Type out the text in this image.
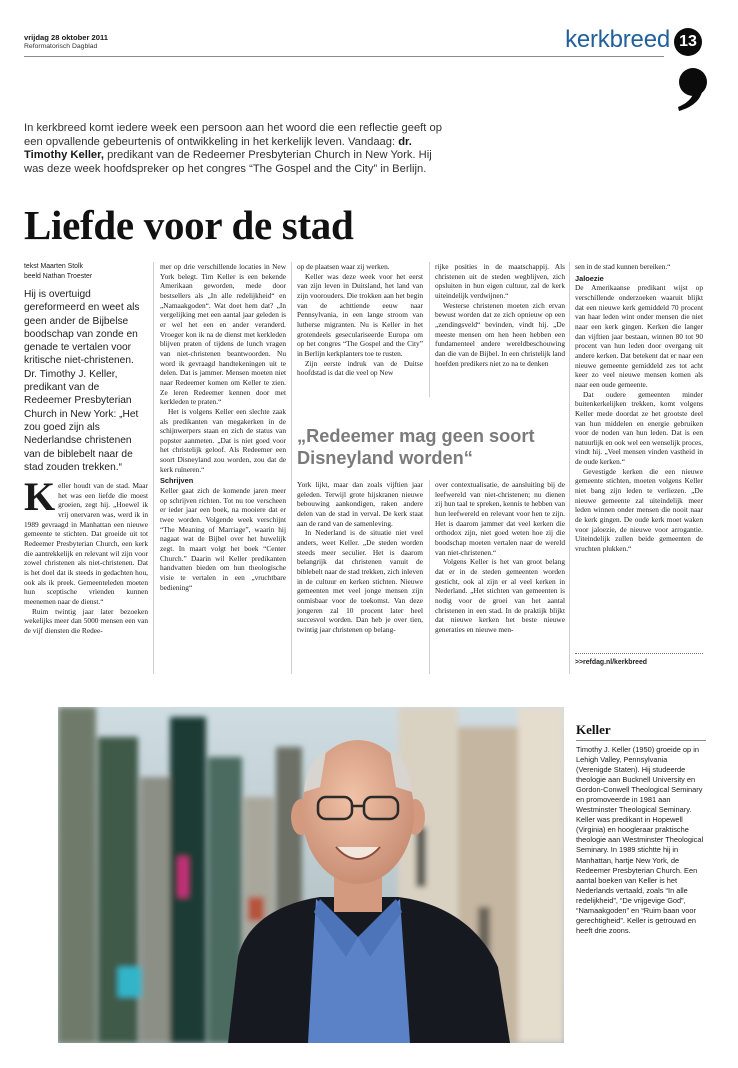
vrijdag 28 oktober 2011
Reformatorisch Dagblad	kerkbreed 13
In kerkbreed komt iedere week een persoon aan het woord die een reflectie geeft op een opvallende gebeurtenis of ontwikkeling in het kerkelijk leven. Vandaag: dr. Timothy Keller, predikant van de Redeemer Presbyterian Church in New York. Hij was deze week hoofdspreker op het congres “The Gospel and the City” in Berlijn.
Liefde voor de stad
tekst Maarten Stolk
beeld Nathan Troester
Hij is overtuigd gereformeerd en weet als geen ander de Bijbelse boodschap van zonde en genade te vertalen voor kritische niet-christenen. Dr. Timothy J. Keller, predikant van de Redeemer Presbyterian Church in New York: „Het zou goed zijn als Nederlandse christenen van de biblebelt naar de stad zouden trekken.“

Keller houdt van de stad. Maar het was een liefde die moest groeien, zegt hij. „Hoewel ik vrij onervaren was, werd ik in 1989 gevraagd in Manhattan een nieuwe gemeente te stichten. Dat groeide uit tot Redeemer Presbyterian Church, een kerk die aantrekkelijk en relevant wil zijn voor zowel christenen als niet-christenen. Dat is het doel dat ik steeds in gedachten hou, ook als ik preek. Gemeenteleden moeten hun sceptische vrienden kunnen meenemen naar de dienst.“

Ruim twintig jaar later bezoeken wekelijks meer dan 5000 mensen een van de vijf diensten die Redee-

mer op drie verschillende locaties in New York belegt. Tim Keller is een bekende Amerikaan geworden, mede door bestsellers als „In alle redelijkheid“ en „Namaakgoden“. Wat doet hem dat? „In vergelijking met een aantal jaar geleden is er wel het een en ander veranderd. Vroeger kon ik na de dienst met kerkleden blijven praten of tijdens de lunch vragen van niet-christenen beantwoorden. Nu word ik gevraagd handtekeningen uit te delen. Dat is jammer. Mensen moeten niet naar Redeemer komen om Keller te zien. Ze leren Redeemer kennen door met kerkleden te praten.“

Het is volgens Keller een slechte zaak als predikanten van megakerken in de schijnwerpers staan en zich de status van popster aanmeten. „Dat is niet goed voor het christelijk geloof. Als Redeemer een soort Disneyland zou worden, zou dat de kerk ruïneren.“

Schrijven

Keller gaat zich de komende jaren meer op schrijven richten. Tot nu toe verscheen er ieder jaar een boek, na mooiere dat er twee worden. Volgende week verschijnt “The Meaning of Marriage”, waarin hij nagaat wat de Bijbel over het huwelijk zegt. In maart volgt het boek “Center Church.” Daarin wil Keller predikanten handvatten bieden om hun theologische visie te vertalen in een „vruchtbare bediening“

op de plaatsen waar zij werken.

Keller was deze week voor het eerst van zijn leven in Duitsland, het land van zijn voorouders. Die trokken aan het begin van de achttiende eeuw naar Pennsylvania, in een lange stroom van lutherse migranten. Nu is Keller in het grotendeels geseculariseerde Europa om op het congres “The Gospel and the City” in Berlijn kerkplanters toe te rusten.

Zijn eerste indruk van de Duitse hoofdstad is dat die veel op New

rijke posities in de maatschappij. Als christenen uit de steden wegblijven, zich opsluiten in hun eigen cultuur, zal de kerk uiteindelijk verdwijnen.“

Westerse christenen moeten zich ervan bewust worden dat ze zich opnieuw op een „zendingsveld“ bevinden, vindt hij. „De meeste mensen om hen heen hebben een fundamenteel andere wereldbeschouwing dan die van de Bijbel. In een christelijk land hoefden predikers niet zo na te denken

„Redeemer mag geen soort Disneyland worden“

York lijkt, maar dan zoals vijftien jaar geleden. Terwijl grote hijskranen nieuwe bebouwing aankondigen, raken andere delen van de stad in verval. De kerk staat aan de rand van de samenleving.

In Nederland is de situatie niet veel anders, weet Keller. „De steden worden steeds meer seculier. Het is daarom belangrijk dat christenen vanuit de biblebelt naar de stad trekken, zich inleven in de cultuur en kerken stichten. Nieuwe gemeenten met veel jonge mensen zijn onmisbaar voor de toekomst. Van deze jongeren zal 10 procent later heel succesvol worden. Dan heb je over tien, twintig jaar christenen op belang-

over contextualisatie, de aansluiting bij de leefwereld van niet-christenen; nu dienen zij hun taal te spreken, kennis te hebben van hun leefwereld en relevant voor hen te zijn. Het is daarom jammer dat veel kerken die orthodox zijn, niet goed weten hoe zij die boodschap moeten vertalen naar de wereld van niet-christenen.“

Volgens Keller is het van groot belang dat er in de steden gemeenten worden gesticht, ook al zijn er al veel kerken in Nederland. „Het stichten van gemeenten is nodig voor de groei van het aantal christenen in een stad. In de praktijk blijkt dat nieuwe kerken het beste nieuwe generaties en nieuwe men-

sen in de stad kunnen bereiken.“

Jaloezie

De Amerikaanse predikant wijst op verschillende onderzoeken waaruit blijkt dat een nieuwe kerk gemiddeld 70 procent van haar leden wint onder mensen die niet naar een kerk gingen. Kerken die langer dan vijftien jaar bestaan, winnen 80 tot 90 procent van hun leden door overgang uit andere kerken. Dat betekent dat er naar een nieuwe gemeente gemiddeld zes tot acht keer zo veel nieuwe mensen komen als naar een oude gemeente.

Dat oudere gemeenten minder buitenkerkelijken trekken, komt volgens Keller mede doordat ze het grootste deel van hun middelen en energie gebruiken voor de noden van hun leden. Dat is een natuurlijk en ook wel een wenselijk proces, vindt hij. „Veel mensen vinden vastheid in de oude kerken.“

Gevestigde kerken die een nieuwe gemeente stichten, moeten volgens Keller niet bang zijn leden te verliezen. „De nieuwe gemeente zal uiteindelijk meer leden winnen onder mensen die nooit naar de kerk gingen. De oude kerk moet waken voor jaloezie, de nieuwe voor arrogantie. Uiteindelijk zullen beide gemeenten de vruchten plukken.“

>>refdag.nl/kerkbreed
Keller
Timothy J. Keller (1950) groeide op in Lehigh Valley, Pennsylvania (Verenigde Staten). Hij studeerde theologie aan Bucknell University en Gordon-Conwell Theological Seminary en promoveerde in 1981 aan Westminster Theological Seminary. Keller was predikant in Hopewell (Virginia) en hoogleraar praktische theologie aan Westminster Theological Seminary. In 1989 stichtte hij in Manhattan, hartje New York, de Redeemer Presbyterian Church. Een aantal boeken van Keller is het Nederlands vertaald, zoals “In alle redelijkheid”, “De vrijgevige God”, “Namaakgoden” en “Ruim baan voor gerechtigheid”. Keller is getrouwd en heeft drie zoons.
